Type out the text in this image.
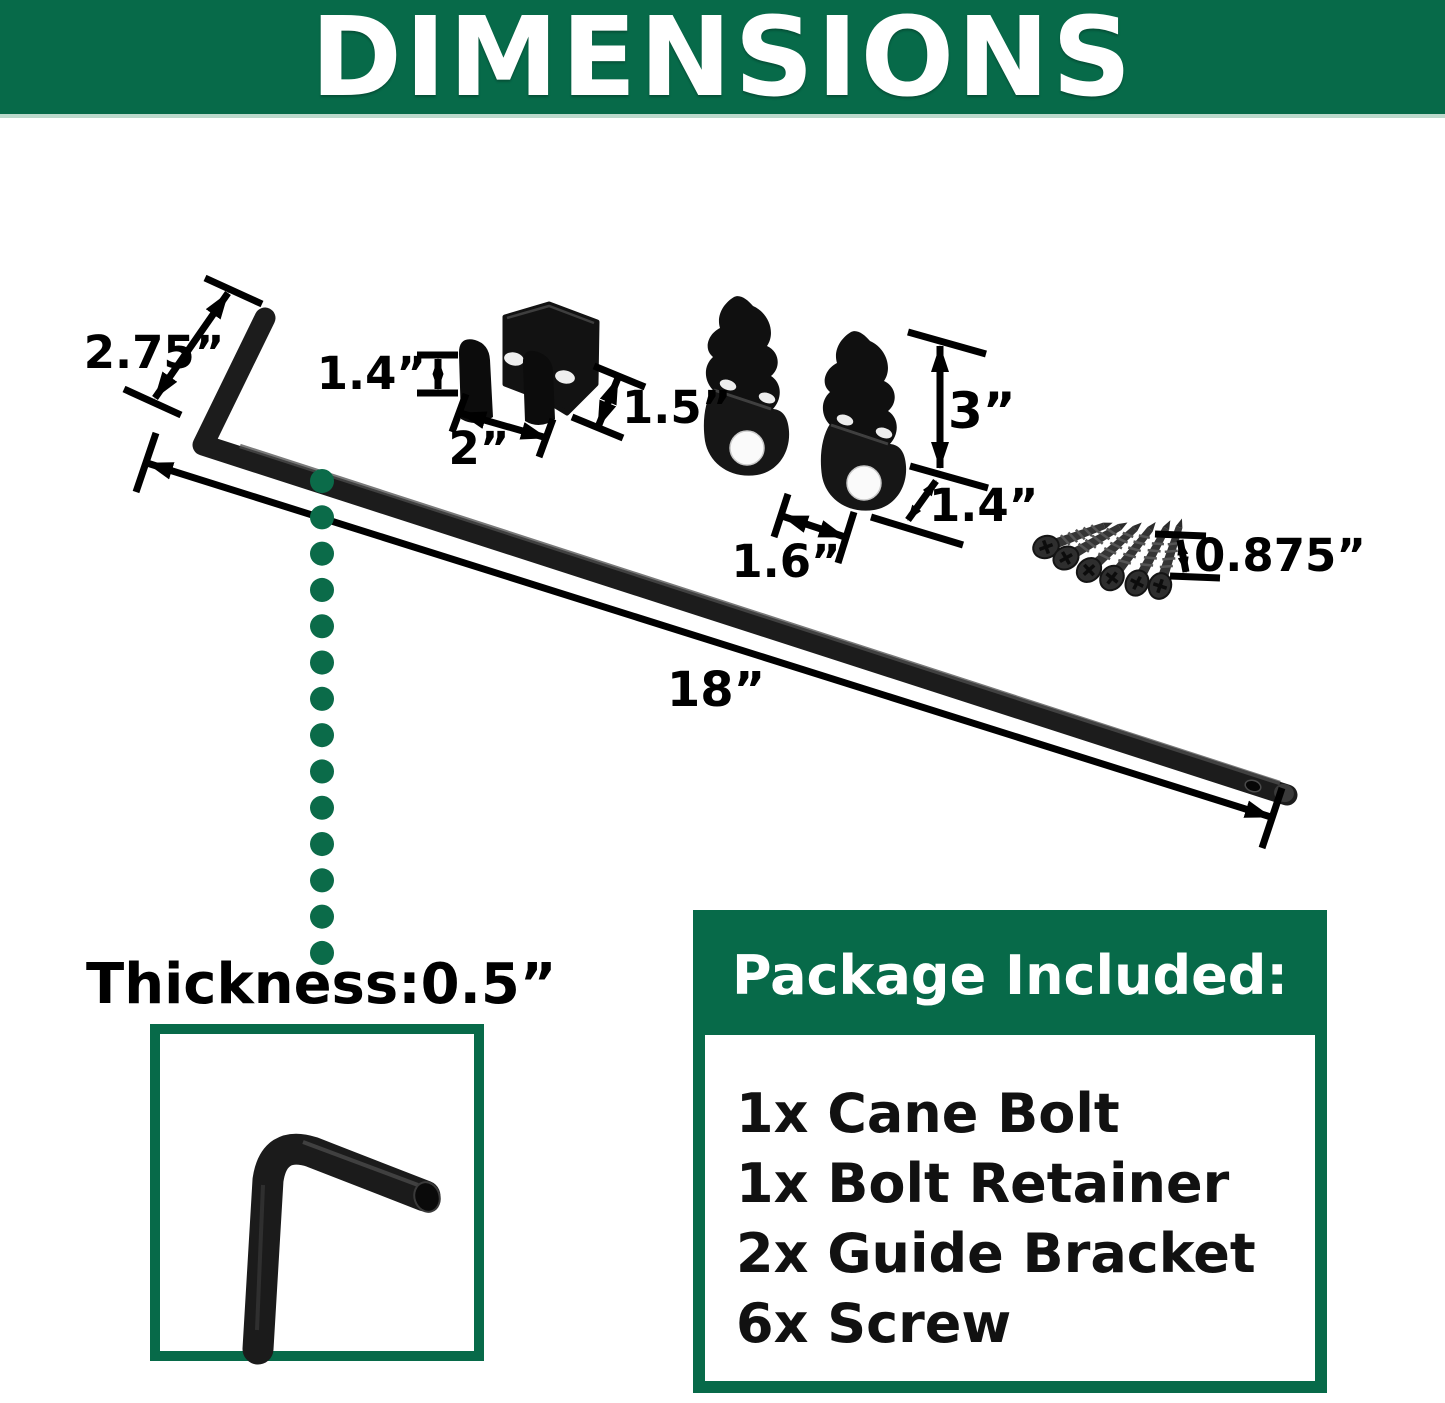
2.75” 1.4”
2”
1.5”	3”
1.4”
1.6”
18”
0.875”
Thickness:0.5”	Package Included:
1x Cane Bolt
1x Bolt Retainer
2x Guide Bracket
6x Screw
DIMENSIONS
